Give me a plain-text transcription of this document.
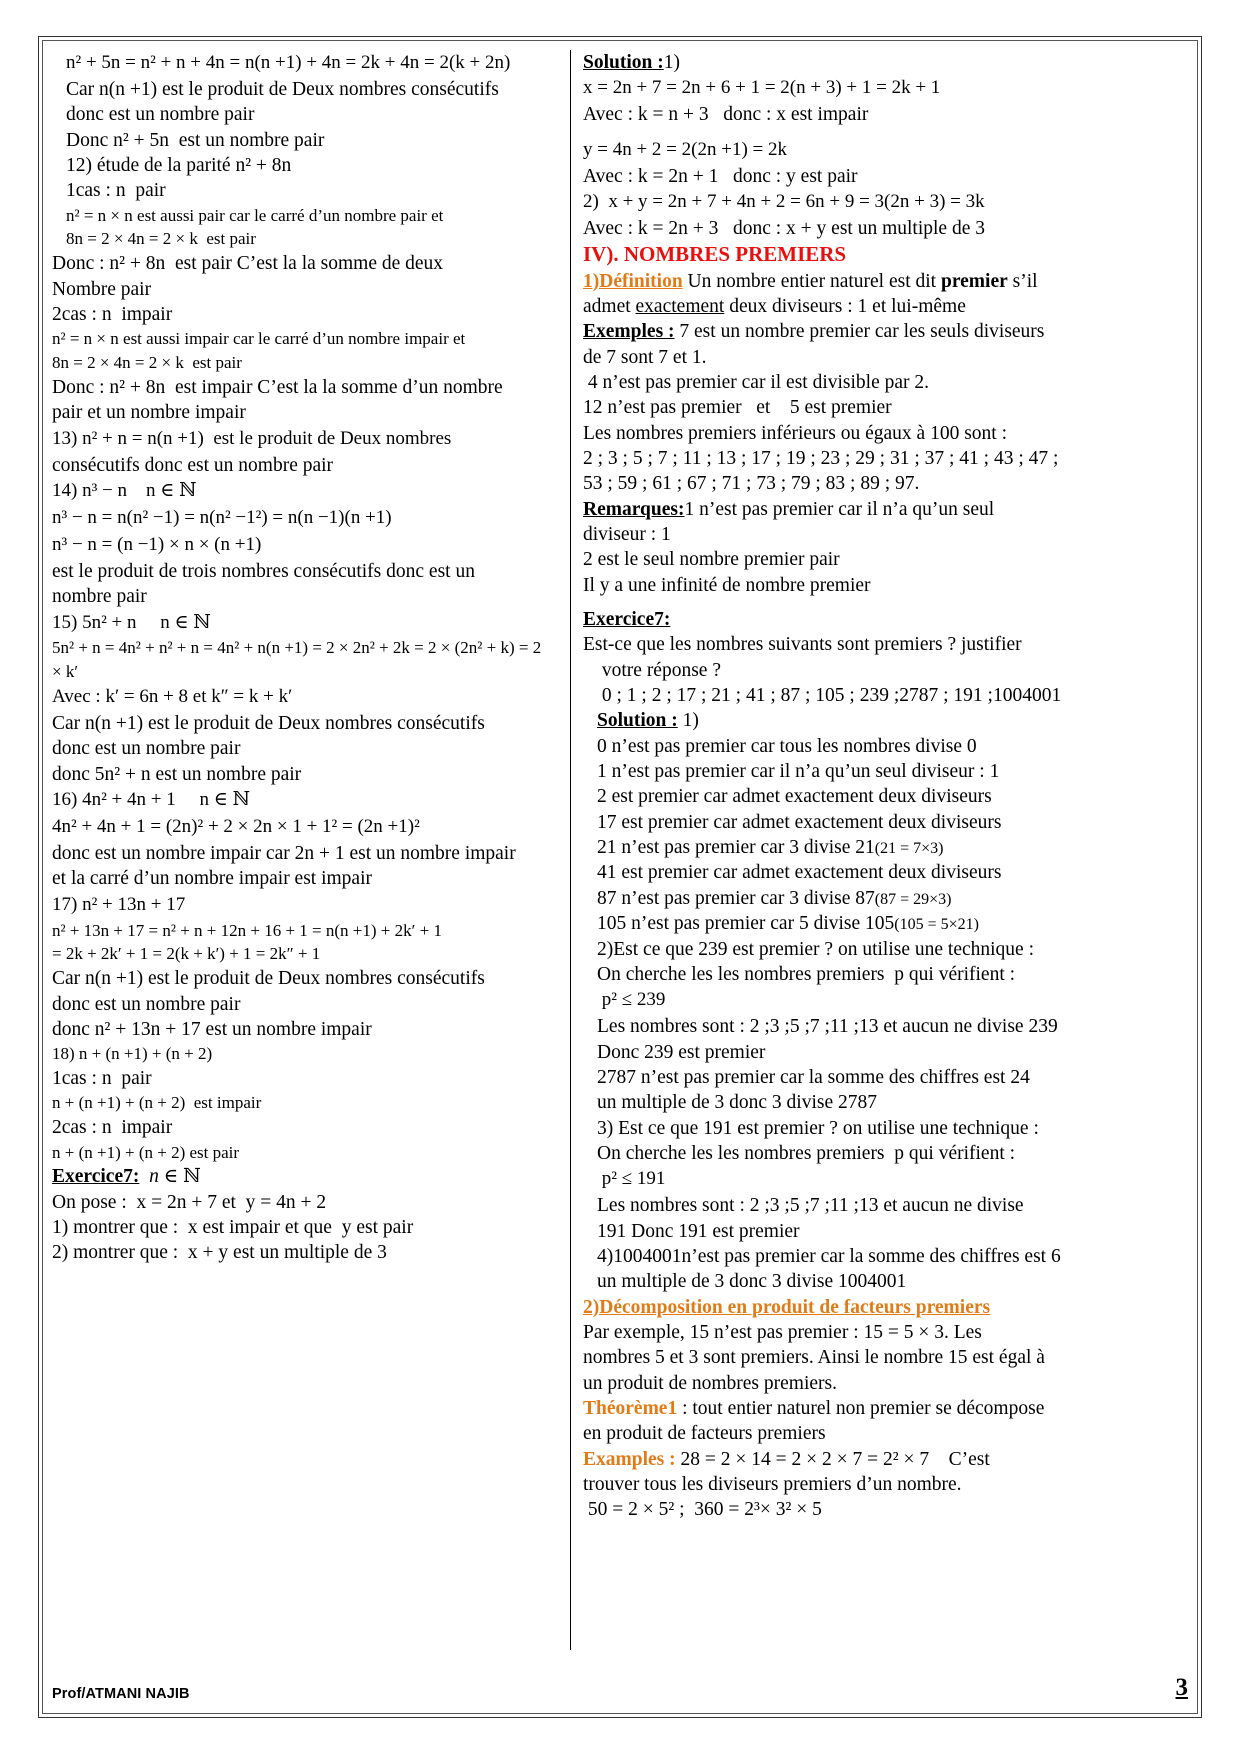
n² + 5n = n² + n + 4n = n(n +1) + 4n = 2k + 4n = 2(k + 2n)
Car n(n +1) est le produit de Deux nombres consécutifs
donc est un nombre pair
Donc n² + 5n  est un nombre pair
12) étude de la parité n² + 8n
1cas : n  pair
n² = n × n est aussi pair car le carré d’un nombre pair et
8n = 2 × 4n = 2 × k  est pair
Donc : n² + 8n  est pair C’est la la somme de deux
Nombre pair
2cas : n  impair
n² = n × n est aussi impair car le carré d’un nombre impair et
8n = 2 × 4n = 2 × k  est pair
Donc : n² + 8n  est impair C’est la la somme d’un nombre
pair et un nombre impair
13) n² + n = n(n +1)  est le produit de Deux nombres
consécutifs donc est un nombre pair
14) n³ − n    n ∈ ℕ
n³ − n = n(n² −1) = n(n² −1²) = n(n −1)(n +1)
n³ − n = (n −1) × n × (n +1)
est le produit de trois nombres consécutifs donc est un
nombre pair
15) 5n² + n     n ∈ ℕ
5n² + n = 4n² + n² + n = 4n² + n(n +1) = 2 × 2n² + 2k = 2 × (2n² + k) = 2 × k′
Avec : k′ = 6n + 8 et k″ = k + k′
Car n(n +1) est le produit de Deux nombres consécutifs
donc est un nombre pair
donc 5n² + n est un nombre pair
16) 4n² + 4n + 1     n ∈ ℕ
4n² + 4n + 1 = (2n)² + 2 × 2n × 1 + 1² = (2n +1)²
donc est un nombre impair car 2n + 1 est un nombre impair
et la carré d’un nombre impair est impair
17) n² + 13n + 17
n² + 13n + 17 = n² + n + 12n + 16 + 1 = n(n +1) + 2k′ + 1
= 2k + 2k′ + 1 = 2(k + k′) + 1 = 2k″ + 1
Car n(n +1) est le produit de Deux nombres consécutifs
donc est un nombre pair
donc n² + 13n + 17 est un nombre impair
18) n + (n +1) + (n + 2)
1cas : n  pair
n + (n +1) + (n + 2)  est impair
2cas : n  impair
n + (n +1) + (n + 2) est pair
Exercice7: n ∈ ℕ
On pose :  x = 2n + 7 et  y = 4n + 2
1) montrer que :  x est impair et que  y est pair
2) montrer que :  x + y est un multiple de 3
Solution :1)
x = 2n + 7 = 2n + 6 + 1 = 2(n + 3) + 1 = 2k + 1
Avec : k = n + 3   donc : x est impair
y = 4n + 2 = 2(2n +1) = 2k
Avec : k = 2n + 1   donc : y est pair
2)  x + y = 2n + 7 + 4n + 2 = 6n + 9 = 3(2n + 3) = 3k
Avec : k = 2n + 3   donc : x + y est un multiple de 3
IV). NOMBRES PREMIERS
1)Définition Un nombre entier naturel est dit premier s’il
admet exactement deux diviseurs : 1 et lui-même
Exemples : 7 est un nombre premier car les seuls diviseurs
de 7 sont 7 et 1.
4 n’est pas premier car il est divisible par 2.
12 n’est pas premier   et    5 est premier
Les nombres premiers inférieurs ou égaux à 100 sont :
2 ; 3 ; 5 ; 7 ; 11 ; 13 ; 17 ; 19 ; 23 ; 29 ; 31 ; 37 ; 41 ; 43 ; 47 ;
53 ; 59 ; 61 ; 67 ; 71 ; 73 ; 79 ; 83 ; 89 ; 97.
Remarques:1 n’est pas premier car il n’a qu’un seul
diviseur : 1
2 est le seul nombre premier pair
Il y a une infinité de nombre premier
Exercice7:
Est-ce que les nombres suivants sont premiers ? justifier
votre réponse ?
0 ; 1 ; 2 ; 17 ; 21 ; 41 ; 87 ; 105 ; 239 ;2787 ; 191 ;1004001
Solution : 1)
0 n’est pas premier car tous les nombres divise 0
1 n’est pas premier car il n’a qu’un seul diviseur : 1
2 est premier car admet exactement deux diviseurs
17 est premier car admet exactement deux diviseurs
21 n’est pas premier car 3 divise 21(21 = 7×3)
41 est premier car admet exactement deux diviseurs
87 n’est pas premier car 3 divise 87(87 = 29×3)
105 n’est pas premier car 5 divise 105(105 = 5×21)
2)Est ce que 239 est premier ? on utilise une technique :
On cherche les les nombres premiers  p qui vérifient :
p² ≤ 239
Les nombres sont : 2 ;3 ;5 ;7 ;11 ;13 et aucun ne divise 239
Donc 239 est premier
2787 n’est pas premier car la somme des chiffres est 24
un multiple de 3 donc 3 divise 2787
3) Est ce que 191 est premier ? on utilise une technique :
On cherche les les nombres premiers  p qui vérifient :
p² ≤ 191
Les nombres sont : 2 ;3 ;5 ;7 ;11 ;13 et aucun ne divise
191 Donc 191 est premier
4)1004001n’est pas premier car la somme des chiffres est 6
un multiple de 3 donc 3 divise 1004001
2)Décomposition en produit de facteurs premiers
Par exemple, 15 n’est pas premier : 15 = 5 × 3. Les
nombres 5 et 3 sont premiers. Ainsi le nombre 15 est égal à
un produit de nombres premiers.
Théorème1 : tout entier naturel non premier se décompose
en produit de facteurs premiers
Examples : 28 = 2 × 14 = 2 × 2 × 7 = 2² × 7    C’est
trouver tous les diviseurs premiers d’un nombre.
50 = 2 × 5² ;  360 = 2³× 3² × 5
Prof/ATMANI NAJIB	3
